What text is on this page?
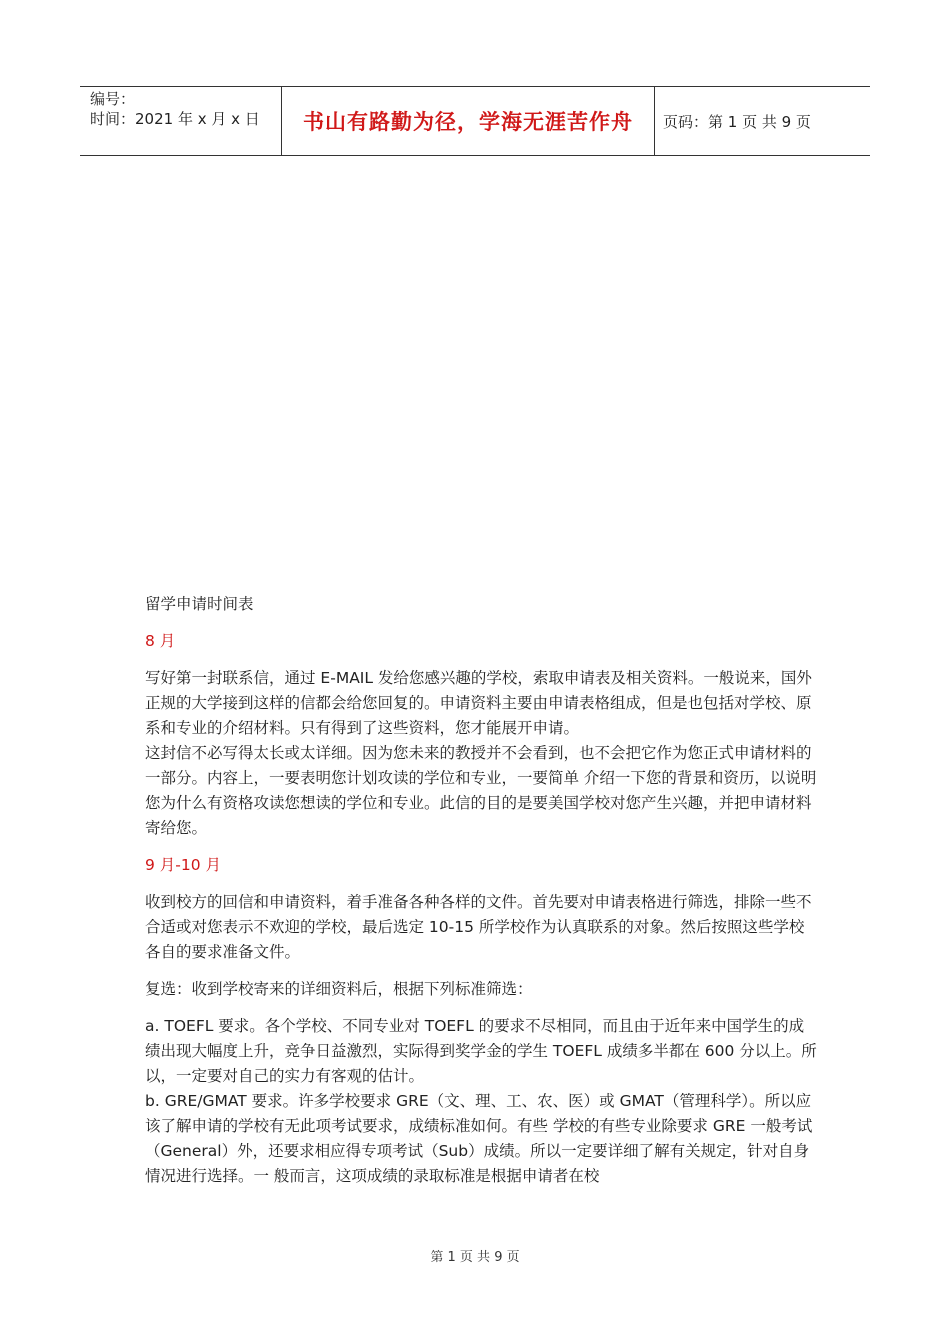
编号：
时间：2021 年 x 月 x 日	书山有路勤为径，学海无涯苦作舟	页码：第 1 页 共 9 页

留学申请时间表

8 月

写好第一封联系信，通过 E-MAIL 发给您感兴趣的学校，索取申请表及相关资料。一般说来，国外正规的大学接到这样的信都会给您回复的。申请资料主要由申请表格组成，但是也包括对学校、原系和专业的介绍材料。只有得到了这些资料，您才能展开申请。

这封信不必写得太长或太详细。因为您未来的教授并不会看到，也不会把它作为您正式申请材料的一部分。内容上，一要表明您计划攻读的学位和专业，一要简单 介绍一下您的背景和资历，以说明您为什么有资格攻读您想读的学位和专业。此信的目的是要美国学校对您产生兴趣，并把申请材料寄给您。

9 月-10 月

收到校方的回信和申请资料，着手准备各种各样的文件。首先要对申请表格进行筛选，排除一些不合适或对您表示不欢迎的学校，最后选定 10-15 所学校作为认真联系的对象。然后按照这些学校各自的要求准备文件。

复选：收到学校寄来的详细资料后，根据下列标准筛选：

a. TOEFL 要求。各个学校、不同专业对 TOEFL 的要求不尽相同，而且由于近年来中国学生的成绩出现大幅度上升，竞争日益激烈，实际得到奖学金的学生 TOEFL 成绩多半都在 600 分以上。所以，一定要对自己的实力有客观的估计。

b. GRE/GMAT 要求。许多学校要求 GRE（文、理、工、农、医）或 GMAT（管理科学）。所以应该了解申请的学校有无此项考试要求，成绩标准如何。有些 学校的有些专业除要求 GRE 一般考试（General）外，还要求相应得专项考试（Sub）成绩。所以一定要详细了解有关规定，针对自身情况进行选择。一 般而言，这项成绩的录取标准是根据申请者在校

第 1 页 共 9 页
